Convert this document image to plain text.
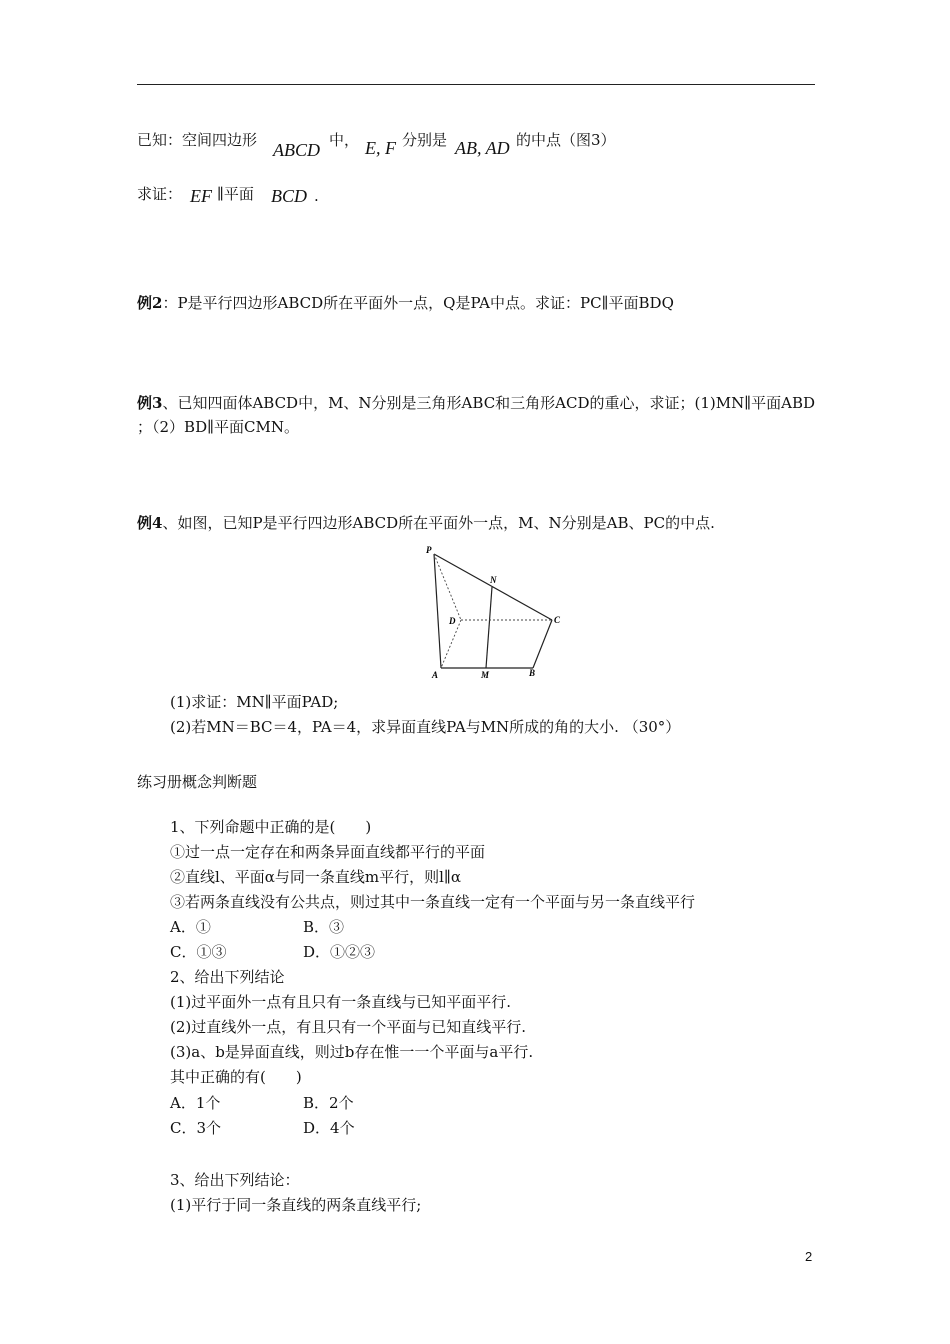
已知：空间四边形 ABCD 中， E, F 分别是 AB, AD 的中点（图3）
求证： EF ∥平面 BCD .
例2：P是平行四边形ABCD所在平面外一点，Q是PA中点。求证：PC∥平面BDQ
例3、已知四面体ABCD中，M、N分别是三角形ABC和三角形ACD的重心，求证；(1)MN∥平面ABD
；（2）BD∥平面CMN。
例4、如图，已知P是平行四边形ABCD所在平面外一点，M、N分别是AB、PC的中点.
P
N
D	C
A	M	B
(1)求证：MN∥平面PAD;
(2)若MN＝BC＝4，PA＝4，求异面直线PA与MN所成的角的大小. （30°）
练习册概念判断题
1、下列命题中正确的是(　　)
①过一点一定存在和两条异面直线都平行的平面
②直线l、平面α与同一条直线m平行，则l∥α
③若两条直线没有公共点，则过其中一条直线一定有一个平面与另一条直线平行
A．①	B．③
C．①③	D．①②③
2、给出下列结论
(1)过平面外一点有且只有一条直线与已知平面平行.
(2)过直线外一点，有且只有一个平面与已知直线平行.
(3)a、b是异面直线，则过b存在惟一一个平面与a平行.
其中正确的有(　　)
A．1个	B．2个
C．3个	D．4个
3、给出下列结论：
(1)平行于同一条直线的两条直线平行;
2
